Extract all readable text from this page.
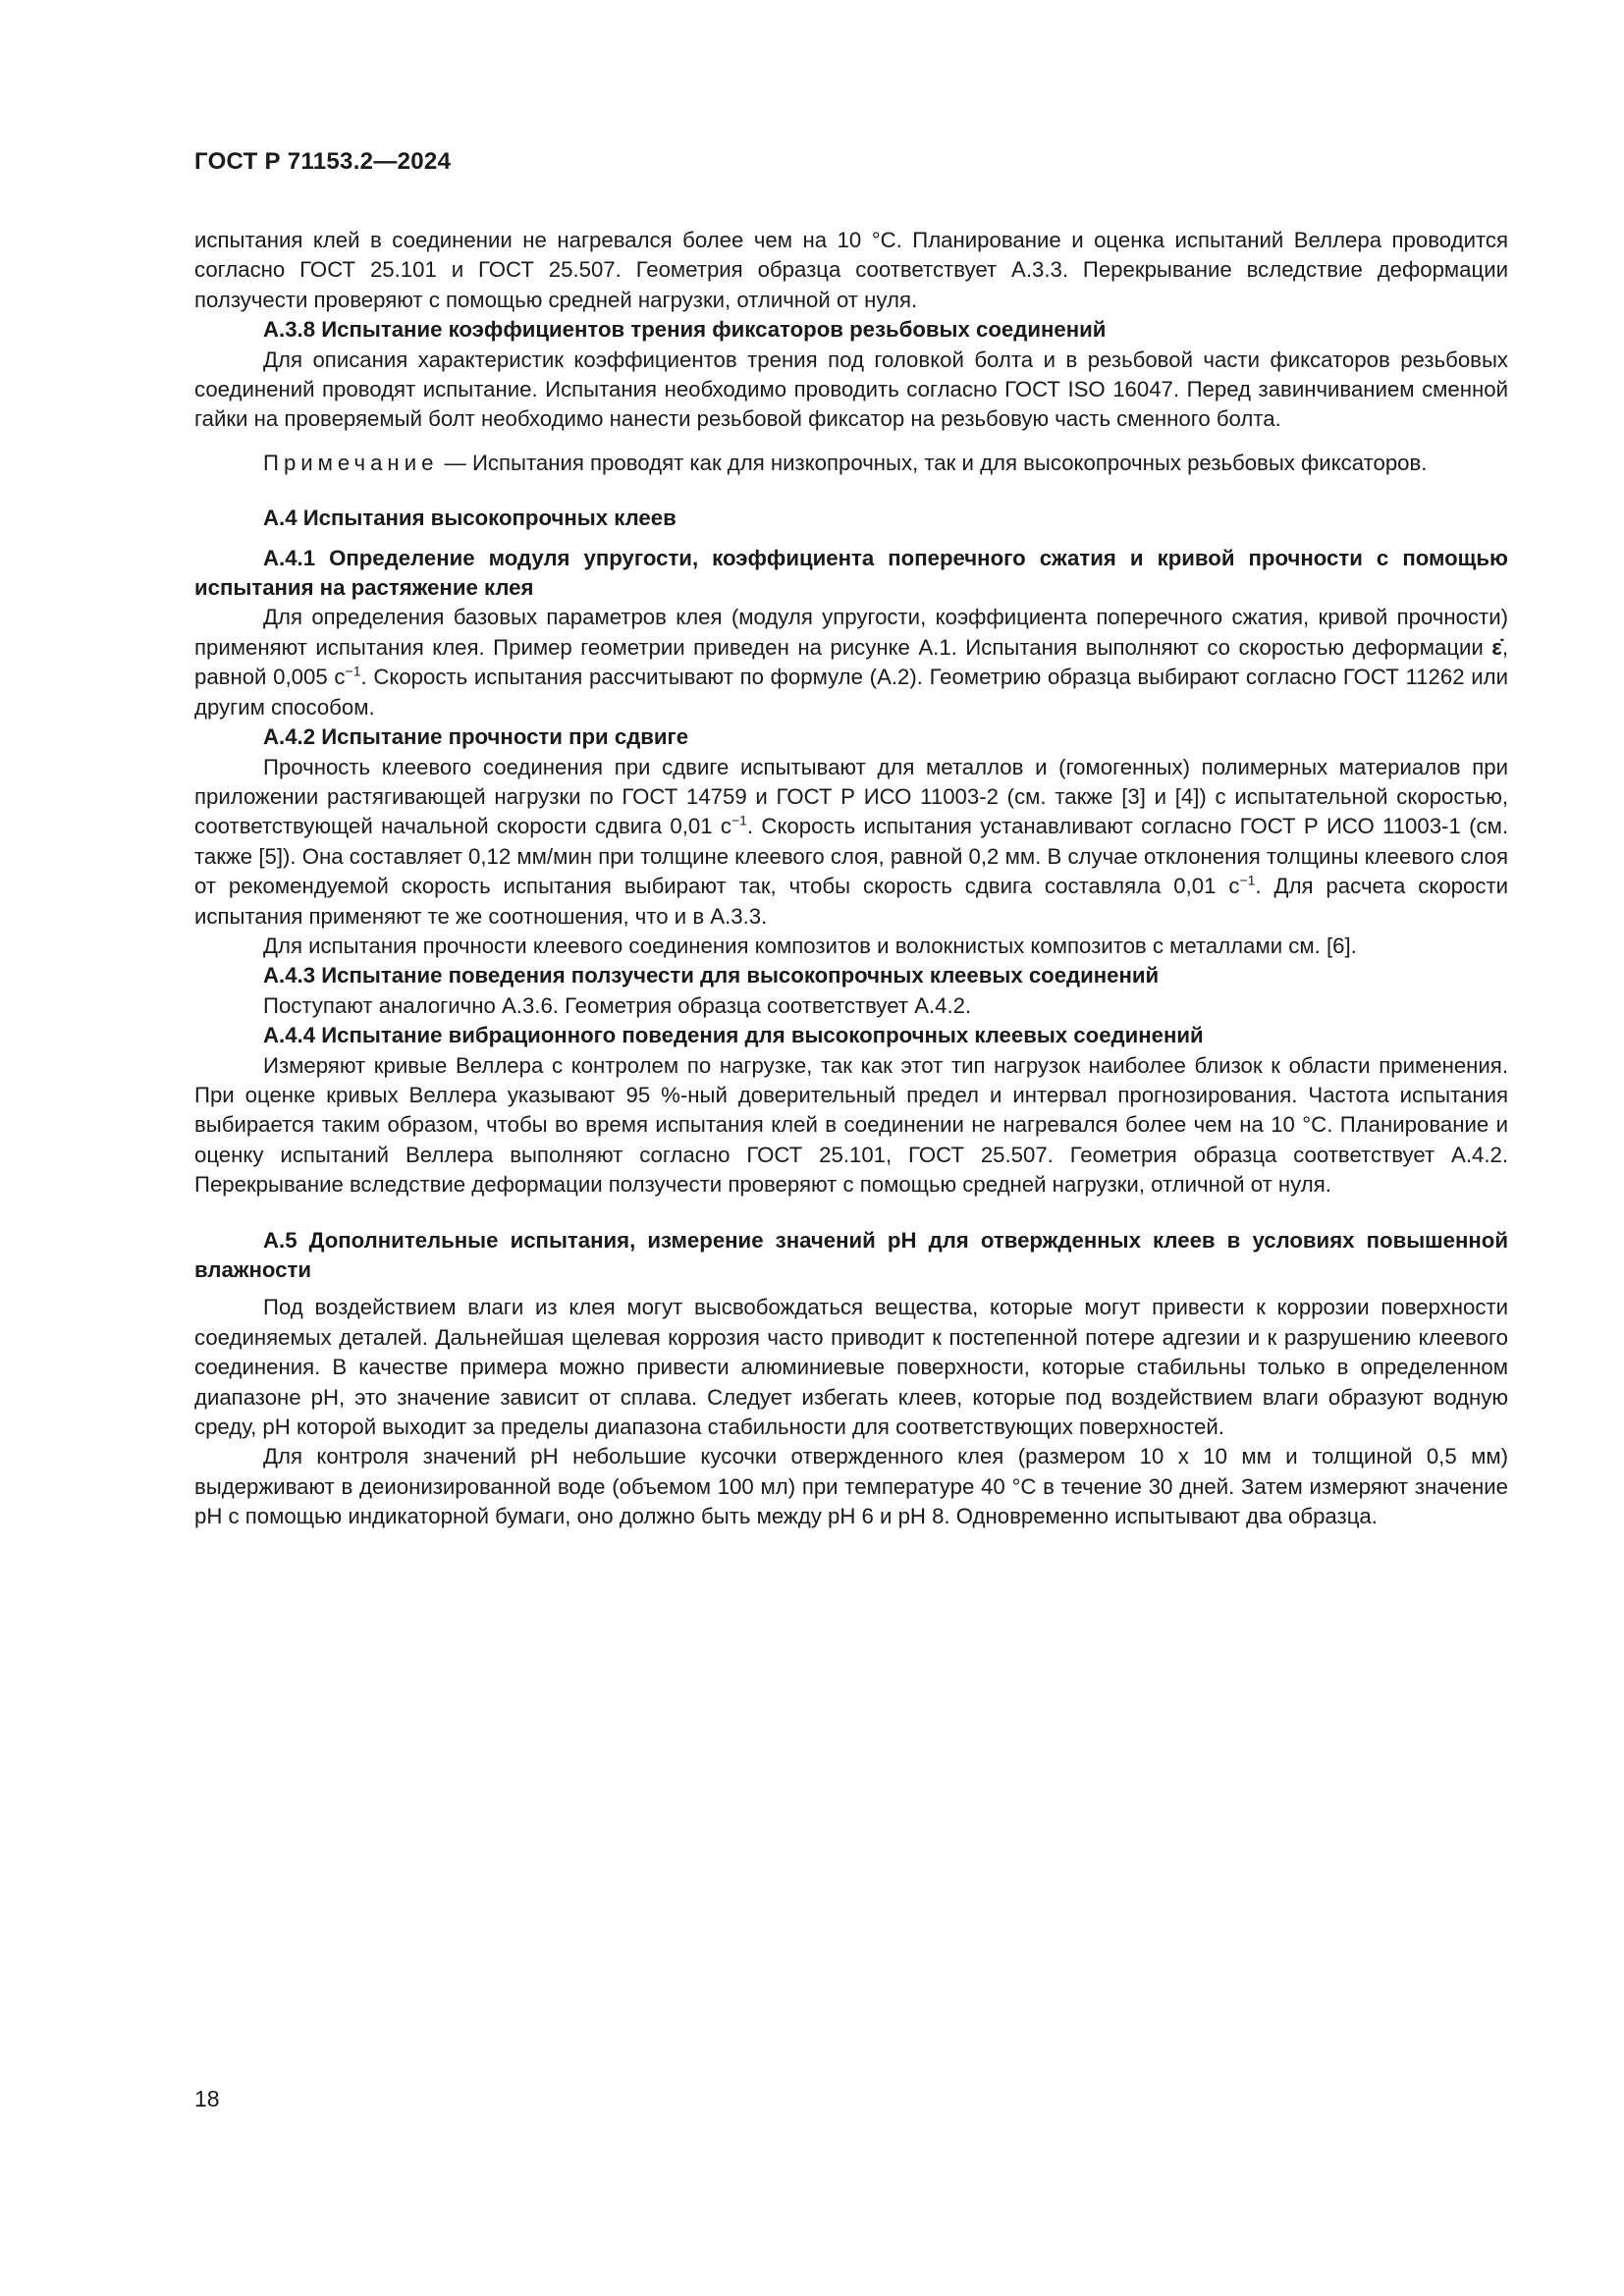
ГОСТ Р 71153.2—2024

испытания клей в соединении не нагревался более чем на 10 °C. Планирование и оценка испытаний Веллера проводится согласно ГОСТ 25.101 и ГОСТ 25.507. Геометрия образца соответствует A.3.3. Перекрывание вследствие деформации ползучести проверяют с помощью средней нагрузки, отличной от нуля.

А.3.8 Испытание коэффициентов трения фиксаторов резьбовых соединений

Для описания характеристик коэффициентов трения под головкой болта и в резьбовой части фиксаторов резьбовых соединений проводят испытание. Испытания необходимо проводить согласно ГОСТ ISO 16047. Перед завинчиванием сменной гайки на проверяемый болт необходимо нанести резьбовой фиксатор на резьбовую часть сменного болта.

Примечание — Испытания проводят как для низкопрочных, так и для высокопрочных резьбовых фиксаторов.

А.4 Испытания высокопрочных клеев

А.4.1 Определение модуля упругости, коэффициента поперечного сжатия и кривой прочности с помощью испытания на растяжение клея

Для определения базовых параметров клея (модуля упругости, коэффициента поперечного сжатия, кривой прочности) применяют испытания клея. Пример геометрии приведен на рисунке А.1. Испытания выполняют со скоростью деформации ε̇, равной 0,005 $с^{-1}$. Скорость испытания рассчитывают по формуле (А.2). Геометрию образца выбирают согласно ГОСТ 11262 или другим способом.

А.4.2 Испытание прочности при сдвиге

Прочность клеевого соединения при сдвиге испытывают для металлов и (гомогенных) полимерных материалов при приложении растягивающей нагрузки по ГОСТ 14759 и ГОСТ Р ИСО 11003-2 (см. также [3] и [4]) с испытательной скоростью, соответствующей начальной скорости сдвига 0,01 $с^{-1}$. Скорость испытания устанавливают согласно ГОСТ Р ИСО 11003-1 (см. также [5]). Она составляет 0,12 мм/мин при толщине клеевого слоя, равной 0,2 мм. В случае отклонения толщины клеевого слоя от рекомендуемой скорость испытания выбирают так, чтобы скорость сдвига составляла 0,01 $с^{-1}$. Для расчета скорости испытания применяют те же соотношения, что и в А.3.3.

Для испытания прочности клеевого соединения композитов и волокнистых композитов с металлами см. [6].

А.4.3 Испытание поведения ползучести для высокопрочных клеевых соединений

Поступают аналогично А.3.6. Геометрия образца соответствует А.4.2.

А.4.4 Испытание вибрационного поведения для высокопрочных клеевых соединений

Измеряют кривые Веллера с контролем по нагрузке, так как этот тип нагрузок наиболее близок к области применения. При оценке кривых Веллера указывают 95 %-ный доверительный предел и интервал прогнозирования. Частота испытания выбирается таким образом, чтобы во время испытания клей в соединении не нагревался более чем на 10 °C. Планирование и оценку испытаний Веллера выполняют согласно ГОСТ 25.101, ГОСТ 25.507. Геометрия образца соответствует А.4.2. Перекрывание вследствие деформации ползучести проверяют с помощью средней нагрузки, отличной от нуля.

А.5 Дополнительные испытания, измерение значений рН для отвержденных клеев в условиях повышенной влажности

Под воздействием влаги из клея могут высвобождаться вещества, которые могут привести к коррозии поверхности соединяемых деталей. Дальнейшая щелевая коррозия часто приводит к постепенной потере адгезии и к разрушению клеевого соединения. В качестве примера можно привести алюминиевые поверхности, которые стабильны только в определенном диапазоне рН, это значение зависит от сплава. Следует избегать клеев, которые под воздействием влаги образуют водную среду, рН которой выходит за пределы диапазона стабильности для соответствующих поверхностей.

Для контроля значений рН небольшие кусочки отвержденного клея (размером 10 x 10 мм и толщиной 0,5 мм) выдерживают в деионизированной воде (объемом 100 мл) при температуре 40 °C в течение 30 дней. Затем измеряют значение рН с помощью индикаторной бумаги, оно должно быть между рН 6 и рН 8. Одновременно испытывают два образца.

18
